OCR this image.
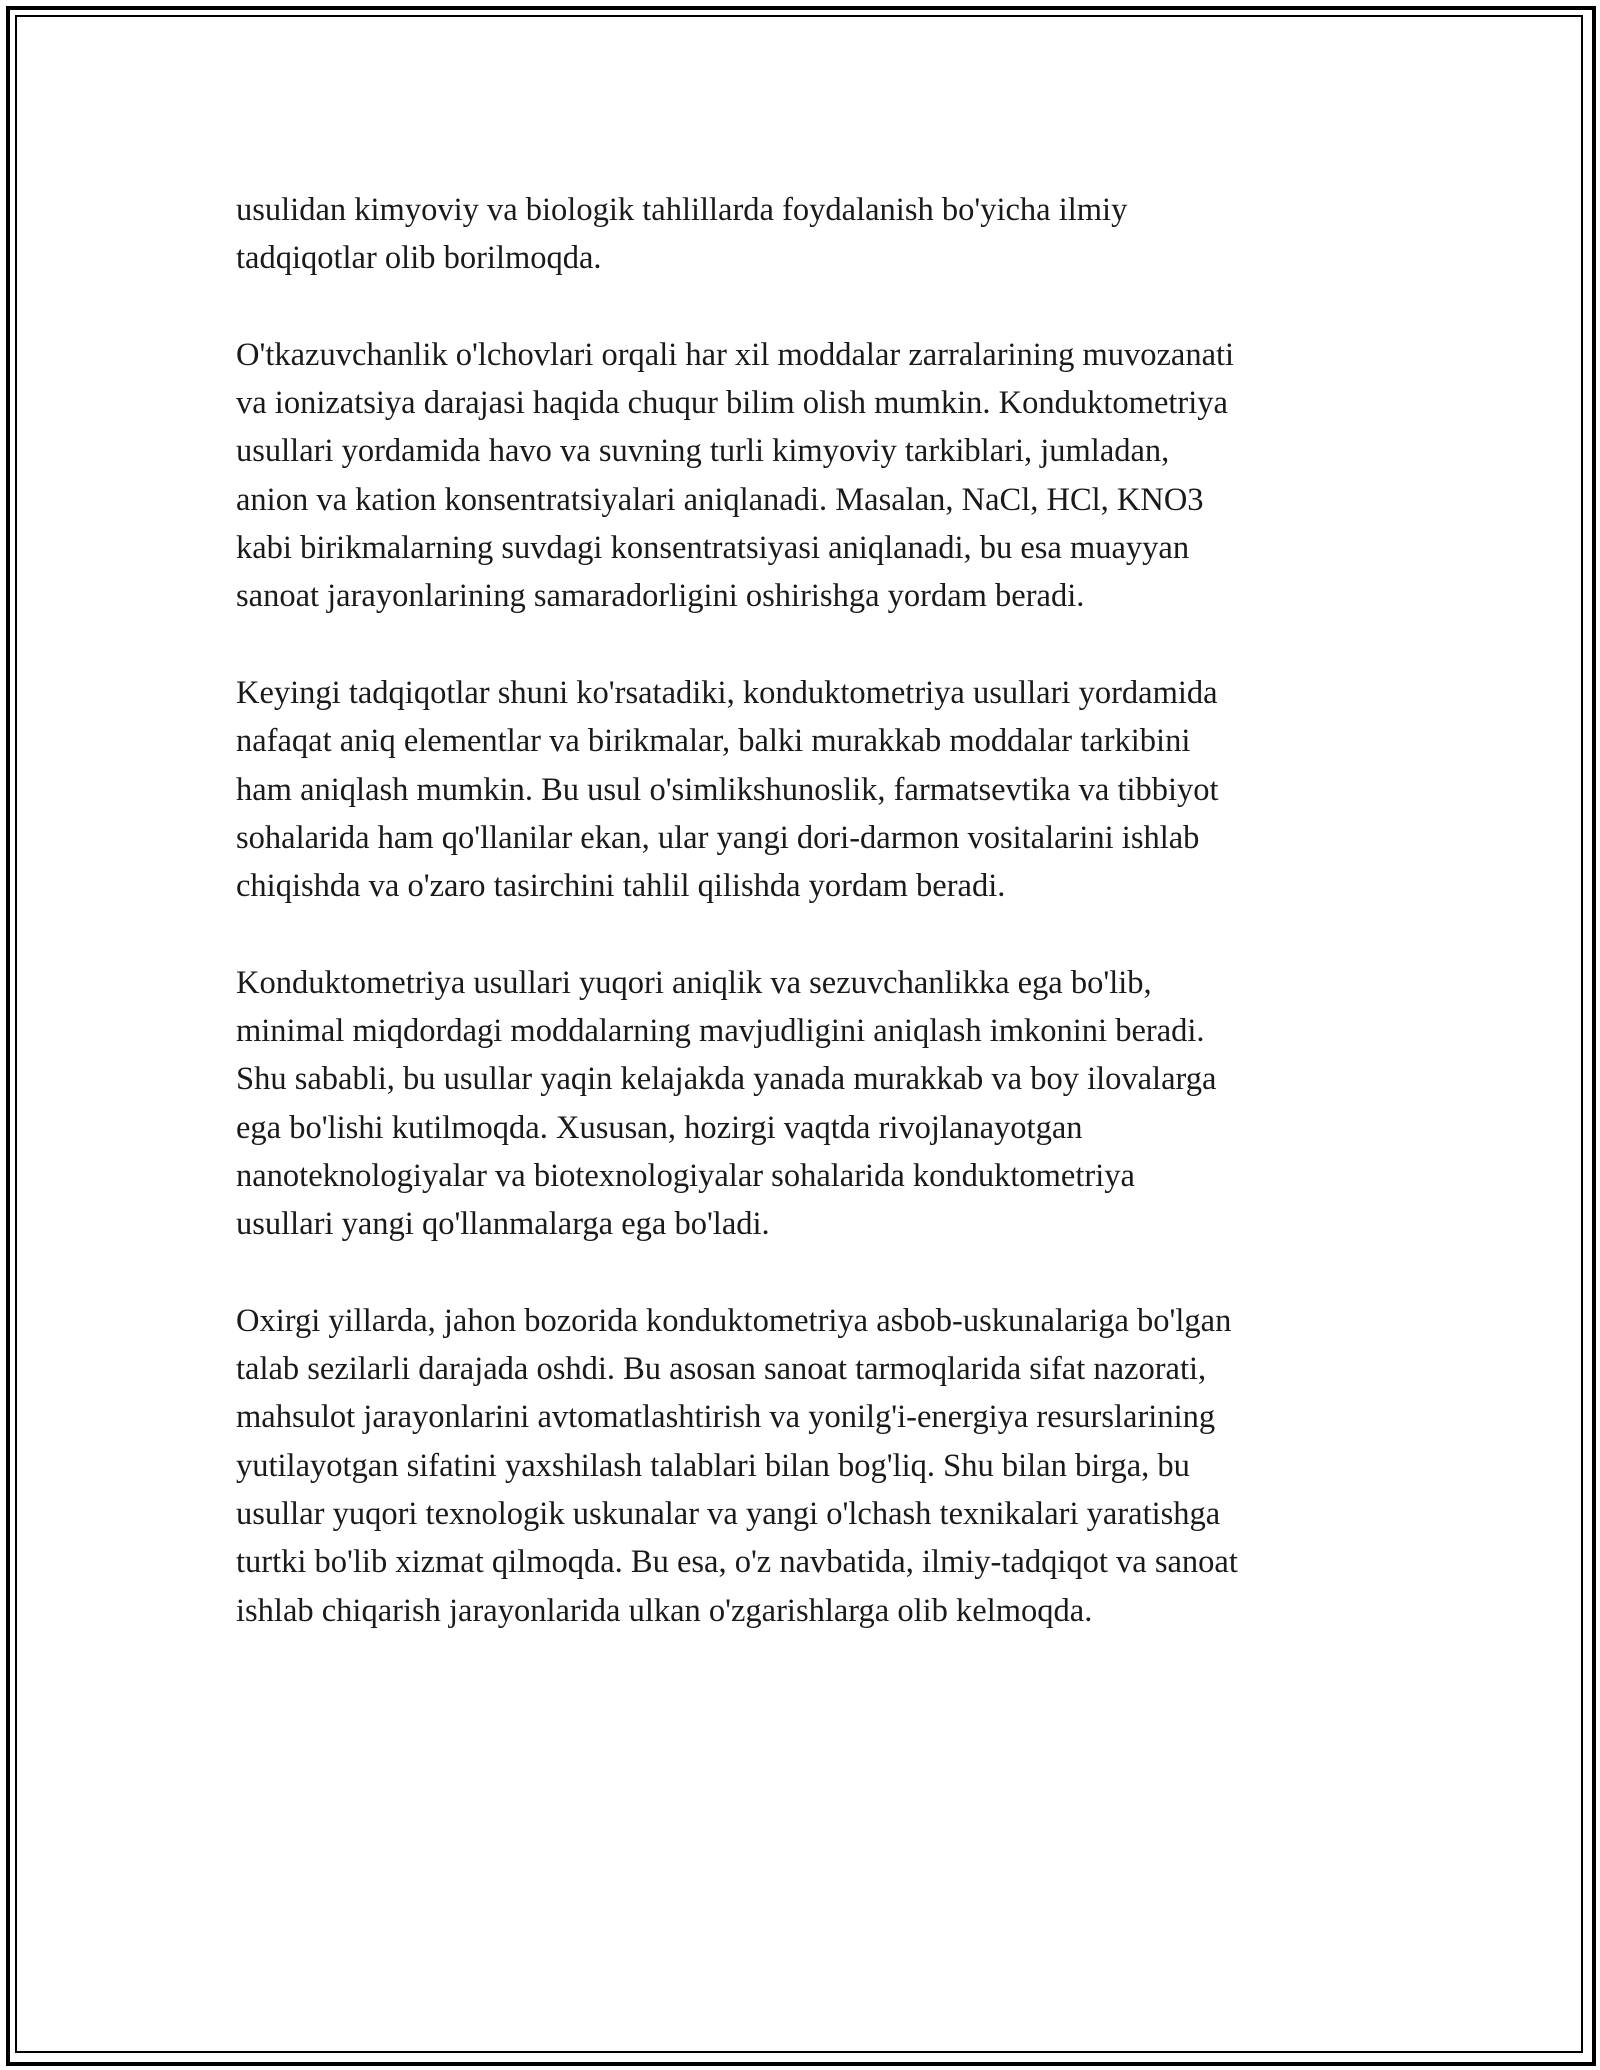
usulidan kimyoviy va biologik tahlillarda foydalanish bo'yicha ilmiy
tadqiqotlar olib borilmoqda.

O'tkazuvchanlik o'lchovlari orqali har xil moddalar zarralarining muvozanati
va ionizatsiya darajasi haqida chuqur bilim olish mumkin. Konduktometriya
usullari yordamida havo va suvning turli kimyoviy tarkiblari, jumladan,
anion va kation konsentratsiyalari aniqlanadi. Masalan, NaCl, HCl, KNO3
kabi birikmalarning suvdagi konsentratsiyasi aniqlanadi, bu esa muayyan
sanoat jarayonlarining samaradorligini oshirishga yordam beradi.

Keyingi tadqiqotlar shuni ko'rsatadiki, konduktometriya usullari yordamida
nafaqat aniq elementlar va birikmalar, balki murakkab moddalar tarkibini
ham aniqlash mumkin. Bu usul o'simlikshunoslik, farmatsevtika va tibbiyot
sohalarida ham qo'llanilar ekan, ular yangi dori-darmon vositalarini ishlab
chiqishda va o'zaro tasirchini tahlil qilishda yordam beradi.

Konduktometriya usullari yuqori aniqlik va sezuvchanlikka ega bo'lib,
minimal miqdordagi moddalarning mavjudligini aniqlash imkonini beradi.
Shu sababli, bu usullar yaqin kelajakda yanada murakkab va boy ilovalarga
ega bo'lishi kutilmoqda. Xususan, hozirgi vaqtda rivojlanayotgan
nanoteknologiyalar va biotexnologiyalar sohalarida konduktometriya
usullari yangi qo'llanmalarga ega bo'ladi.

Oxirgi yillarda, jahon bozorida konduktometriya asbob-uskunalariga bo'lgan
talab sezilarli darajada oshdi. Bu asosan sanoat tarmoqlarida sifat nazorati,
mahsulot jarayonlarini avtomatlashtirish va yonilg'i-energiya resurslarining
yutilayotgan sifatini yaxshilash talablari bilan bog'liq. Shu bilan birga, bu
usullar yuqori texnologik uskunalar va yangi o'lchash texnikalari yaratishga
turtki bo'lib xizmat qilmoqda. Bu esa, o'z navbatida, ilmiy-tadqiqot va sanoat
ishlab chiqarish jarayonlarida ulkan o'zgarishlarga olib kelmoqda.
